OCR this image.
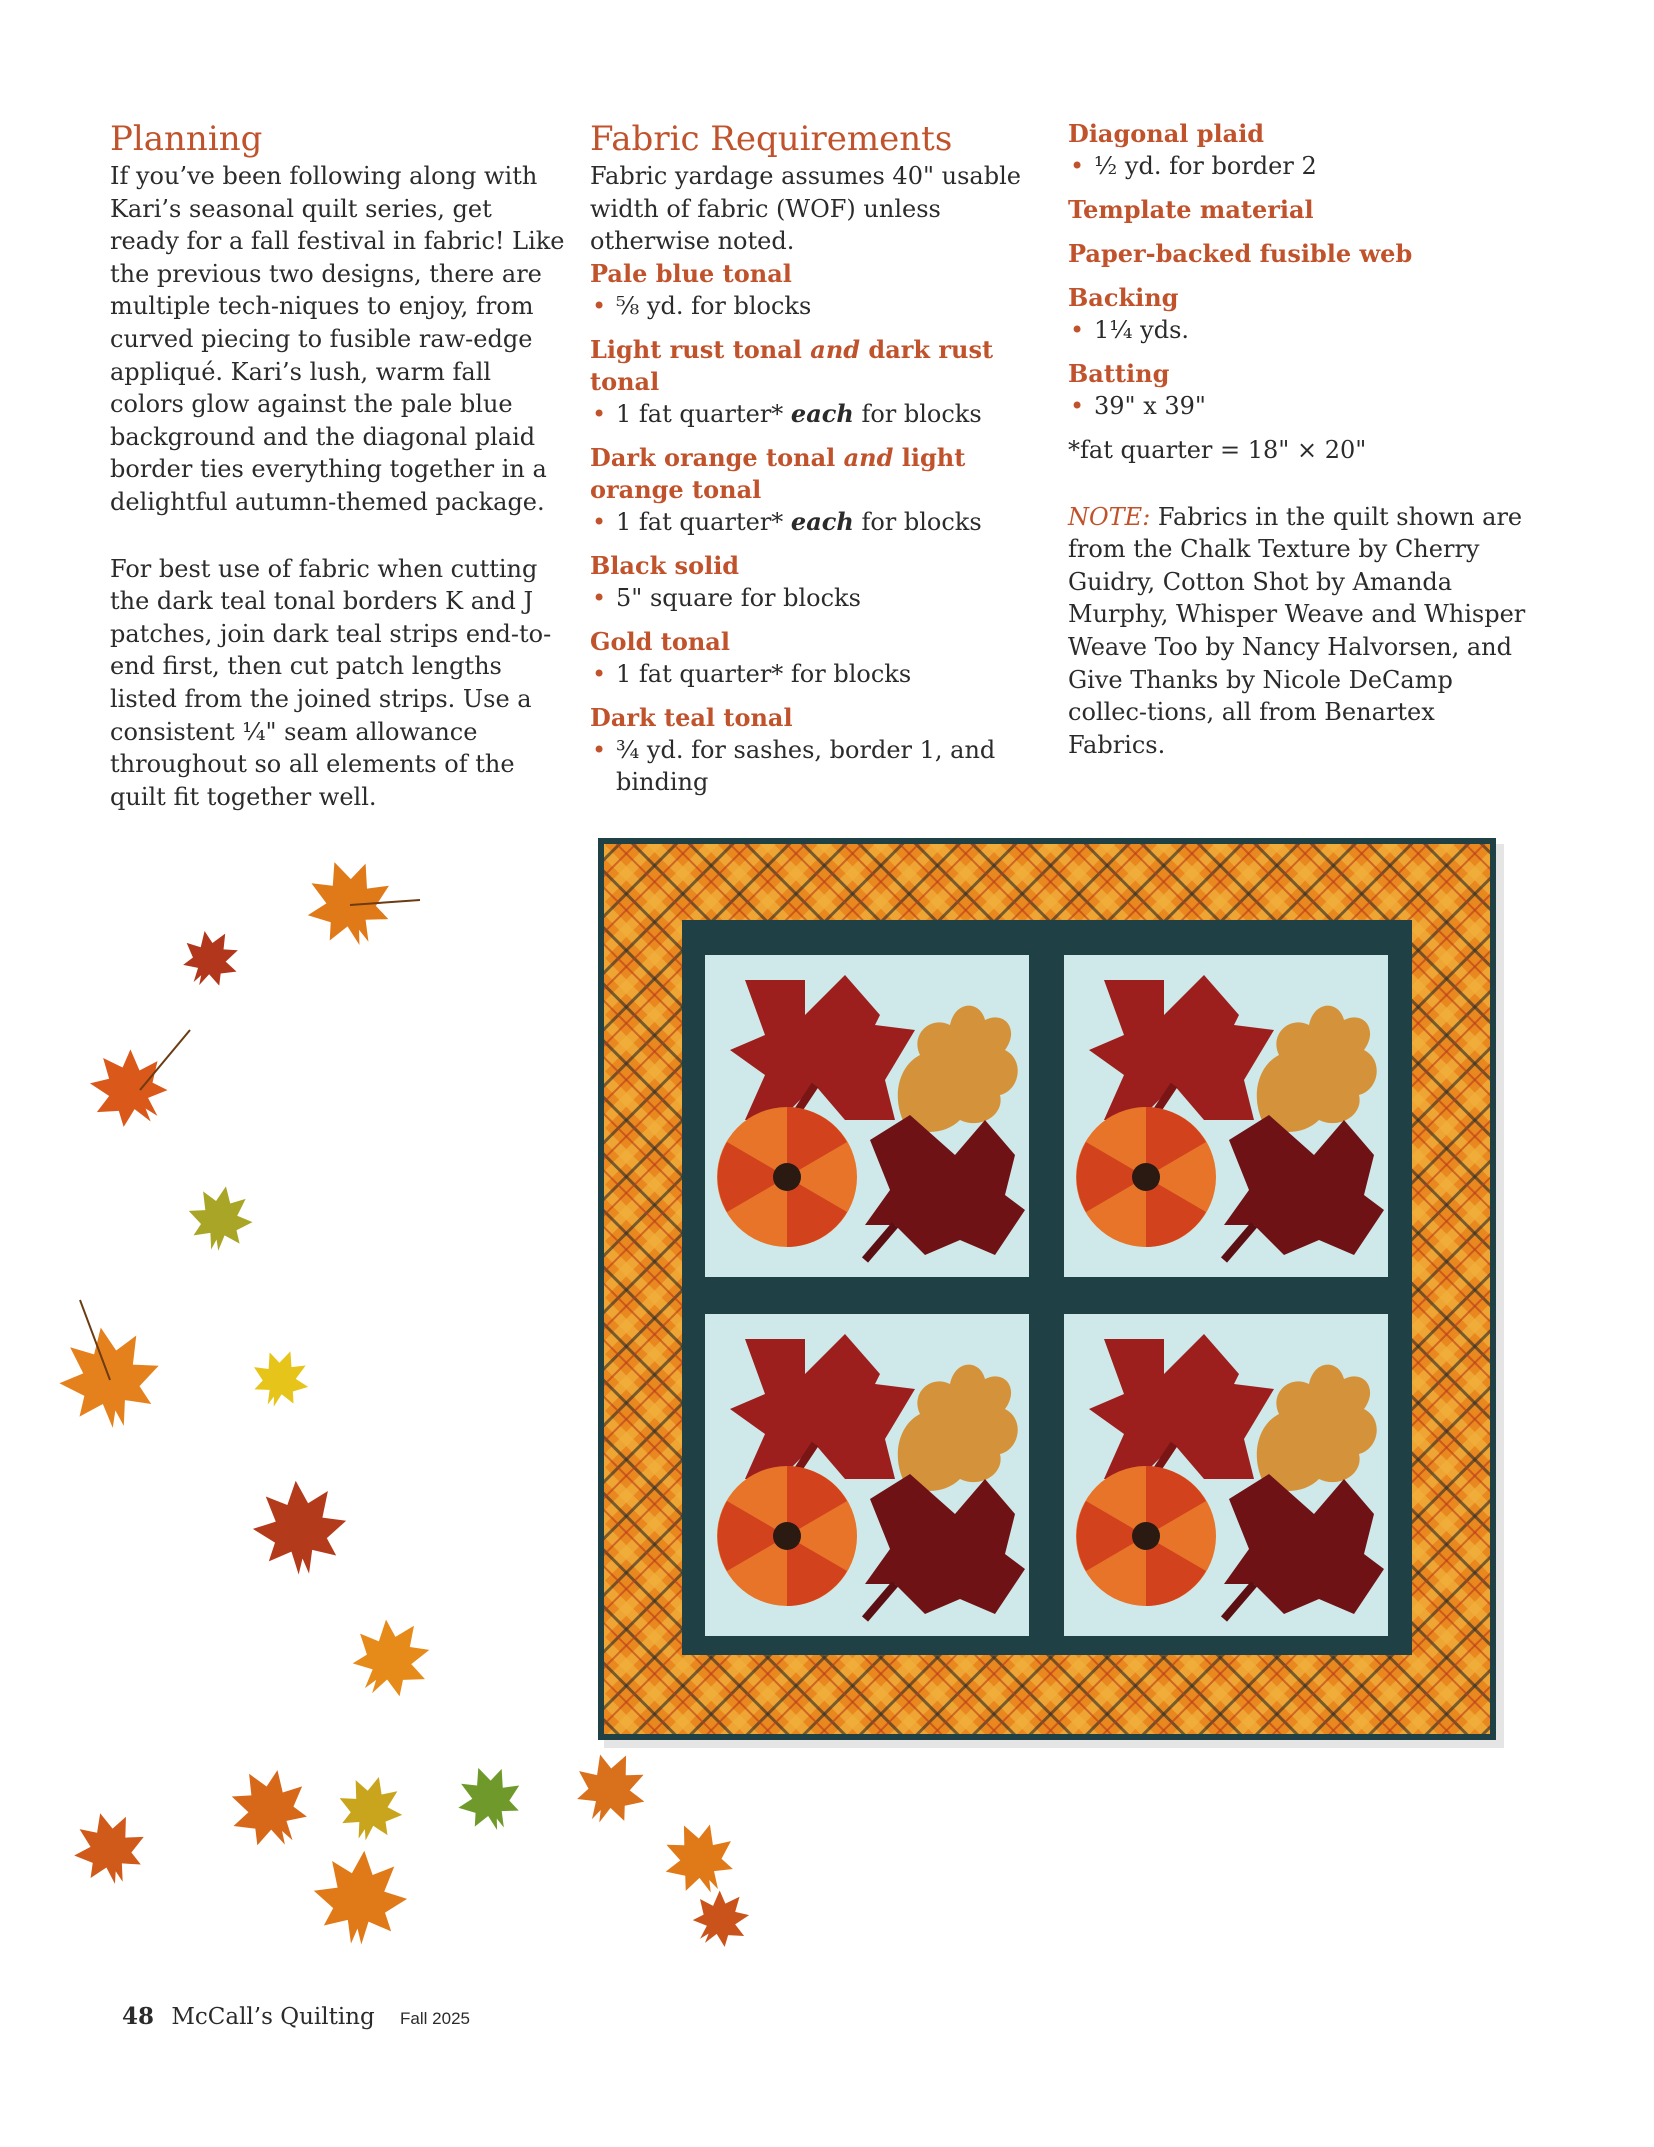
Planning

If you’ve been following along with Kari’s seasonal quilt series, get ready for a fall festival in fabric! Like the previous two designs, there are multiple tech-niques to enjoy, from curved piecing to fusible raw-edge appliqué. Kari’s lush, warm fall colors glow against the pale blue background and the diagonal plaid border ties everything together in a delightful autumn-themed package.

For best use of fabric when cutting the dark teal tonal borders K and J patches, join dark teal strips end-to-end first, then cut patch lengths listed from the joined strips. Use a consistent ¼" seam allowance throughout so all elements of the quilt fit together well.

Fabric Requirements

Fabric yardage assumes 40" usable width of fabric (WOF) unless otherwise noted.

Pale blue tonal

• ⅝ yd. for blocks

Light rust tonal and dark rust tonal

• 1 fat quarter* each for blocks

Dark orange tonal and light orange tonal

• 1 fat quarter* each for blocks

Black solid

• 5" square for blocks

Gold tonal

• 1 fat quarter* for blocks

Dark teal tonal

• ¾ yd. for sashes, border 1, and binding

Diagonal plaid

• ½ yd. for border 2

Template material

Paper-backed fusible web

Backing

• 1¼ yds.

Batting

• 39" x 39"

*fat quarter = 18" × 20"

NOTE: Fabrics in the quilt shown are from the Chalk Texture by Cherry Guidry, Cotton Shot by Amanda Murphy, Whisper Weave and Whisper Weave Too by Nancy Halvorsen, and Give Thanks by Nicole DeCamp collec-tions, all from Benartex Fabrics.

48 McCall’s Quilting Fall 2025
